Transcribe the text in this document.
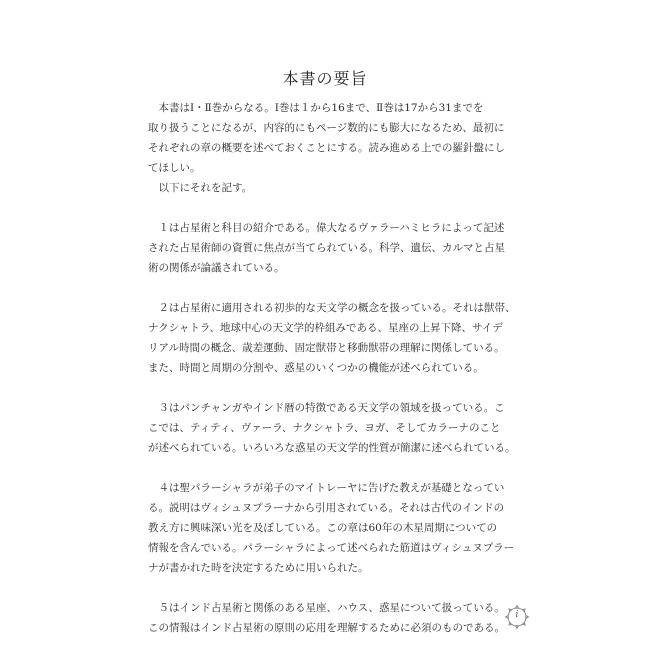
本書の要旨
　本書はⅠ・Ⅱ巻からなる。Ⅰ巻は１から16まで、Ⅱ巻は17から31までを
取り扱うことになるが、内容的にもページ数的にも膨大になるため、最初に
それぞれの章の概要を述べておくことにする。読み進める上での羅針盤にし
てほしい。
　以下にそれを記す。
　１は占星術と科目の紹介である。偉大なるヴァラーハミヒラによって記述
された占星術師の資質に焦点が当てられている。科学、遺伝、カルマと占星
術の関係が論議されている。
　２は占星術に適用される初歩的な天文学の概念を扱っている。それは獣帯、
ナクシャトラ、地球中心の天文学的枠組みである、星座の上昇下降、サイデ
リアル時間の概念、歳差運動、固定獣帯と移動獣帯の理解に関係している。
また、時間と周期の分割や、惑星のいくつかの機能が述べられている。
　３はパンチャンガやインド暦の特徴である天文学の領域を扱っている。こ
こでは、ティティ、ヴァーラ、ナクシャトラ、ヨガ、そしてカラーナのこと
が述べられている。いろいろな惑星の天文学的性質が簡潔に述べられている。
　４は聖パラーシャラが弟子のマイトレーヤに告げた教えが基礎となってい
る。説明はヴィシュヌプラーナから引用されている。それは古代のインドの
教え方に興味深い光を及ぼしている。この章は60年の木星周期についての
情報を含んでいる。パラーシャラによって述べられた筋道はヴィシュヌプラー
ナが書かれた時を決定するために用いられた。
　５はインド占星術と関係のある星座、ハウス、惑星について扱っている。
この情報はインド占星術の原則の応用を理解するために必須のものである。
i
